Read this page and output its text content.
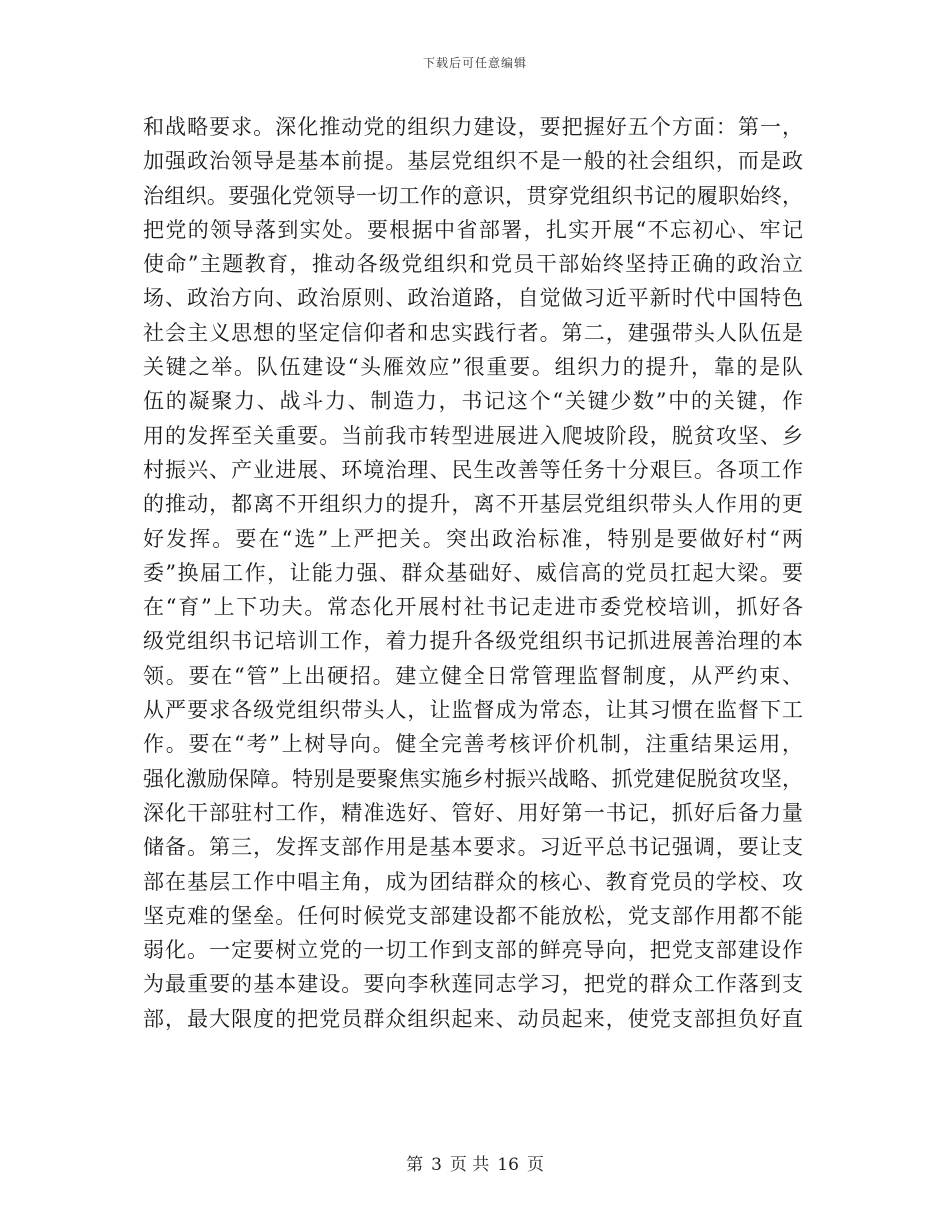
下载后可任意编辑
和战略要求。深化推动党的组织力建设，要把握好五个方面：第一，
加强政治领导是基本前提。基层党组织不是一般的社会组织，而是政
治组织。要强化党领导一切工作的意识，贯穿党组织书记的履职始终，
把党的领导落到实处。要根据中省部署，扎实开展“不忘初心、牢记
使命”主题教育，推动各级党组织和党员干部始终坚持正确的政治立
场、政治方向、政治原则、政治道路，自觉做习近平新时代中国特色
社会主义思想的坚定信仰者和忠实践行者。第二，建强带头人队伍是
关键之举。队伍建设“头雁效应”很重要。组织力的提升，靠的是队
伍的凝聚力、战斗力、制造力，书记这个“关键少数”中的关键，作
用的发挥至关重要。当前我市转型进展进入爬坡阶段，脱贫攻坚、乡
村振兴、产业进展、环境治理、民生改善等任务十分艰巨。各项工作
的推动，都离不开组织力的提升，离不开基层党组织带头人作用的更
好发挥。要在“选”上严把关。突出政治标准，特别是要做好村“两
委”换届工作，让能力强、群众基础好、威信高的党员扛起大梁。要
在“育”上下功夫。常态化开展村社书记走进市委党校培训，抓好各
级党组织书记培训工作，着力提升各级党组织书记抓进展善治理的本
领。要在“管”上出硬招。建立健全日常管理监督制度，从严约束、
从严要求各级党组织带头人，让监督成为常态，让其习惯在监督下工
作。要在“考”上树导向。健全完善考核评价机制，注重结果运用，
强化激励保障。特别是要聚焦实施乡村振兴战略、抓党建促脱贫攻坚，
深化干部驻村工作，精准选好、管好、用好第一书记，抓好后备力量
储备。第三，发挥支部作用是基本要求。习近平总书记强调，要让支
部在基层工作中唱主角，成为团结群众的核心、教育党员的学校、攻
坚克难的堡垒。任何时候党支部建设都不能放松，党支部作用都不能
弱化。一定要树立党的一切工作到支部的鲜亮导向，把党支部建设作
为最重要的基本建设。要向李秋莲同志学习，把党的群众工作落到支
部，最大限度的把党员群众组织起来、动员起来，使党支部担负好直
第 3 页 共 16 页
